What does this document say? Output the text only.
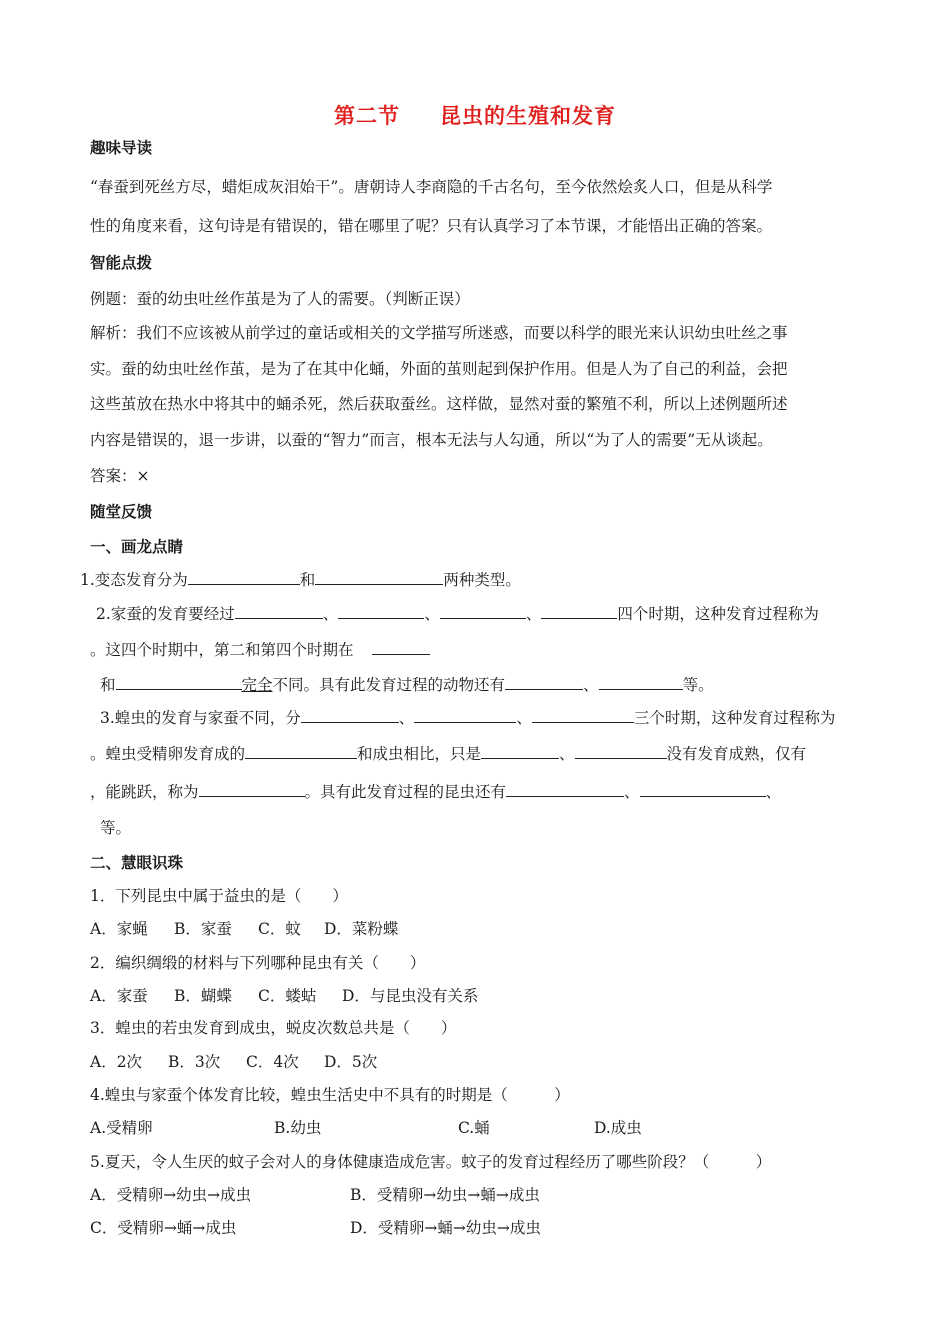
第二节 昆虫的生殖和发育
趣味导读
“春蚕到死丝方尽，蜡炬成灰泪始干”。唐朝诗人李商隐的千古名句，至今依然烩炙人口，但是从科学
性的角度来看，这句诗是有错误的，错在哪里了呢？只有认真学习了本节课，才能悟出正确的答案。
智能点拨
例题：蚕的幼虫吐丝作茧是为了人的需要。（判断正误）
解析：我们不应该被从前学过的童话或相关的文学描写所迷惑，而要以科学的眼光来认识幼虫吐丝之事
实。蚕的幼虫吐丝作茧，是为了在其中化蛹，外面的茧则起到保护作用。但是人为了自己的利益，会把
这些茧放在热水中将其中的蛹杀死，然后获取蚕丝。这样做，显然对蚕的繁殖不利，所以上述例题所述
内容是错误的，退一步讲，以蚕的“智力”而言，根本无法与人勾通，所以“为了人的需要”无从谈起。
答案：×
随堂反馈
一、画龙点睛
1.变态发育分为	和	两种类型。
2.家蚕的发育要经过	、	、	、	四个时期，这种发育过程称为
。这四个时期中，第二和第四个时期在
和	完全不同。具有此发育过程的动物还有	、	等。
3.蝗虫的发育与家蚕不同，分	、	、	三个时期，这种发育过程称为
。蝗虫受精卵发育成的	和成虫相比，只是	、	没有发育成熟，仅有
，能跳跃，称为	。具有此发育过程的昆虫还有	、	、
等。
二、慧眼识珠
1．下列昆虫中属于益虫的是（　　）
A．家蝇 B．家蚕 C．蚊 D．菜粉蝶
2．编织绸缎的材料与下列哪种昆虫有关（　　）
A．家蚕 B．蝴蝶 C．蝼蛄 D．与昆虫没有关系
3．蝗虫的若虫发育到成虫，蜕皮次数总共是（　　）
A．2次 B．3次 C．4次 D．5次
4.蝗虫与家蚕个体发育比较，蝗虫生活史中不具有的时期是（　　　）
A.受精卵	B.幼虫	C.蛹	D.成虫
5.夏天，令人生厌的蚊子会对人的身体健康造成危害。蚊子的发育过程经历了哪些阶段？（　　　）
A．受精卵→幼虫→成虫	B．受精卵→幼虫→蛹→成虫
C．受精卵→蛹→成虫	D．受精卵→蛹→幼虫→成虫
